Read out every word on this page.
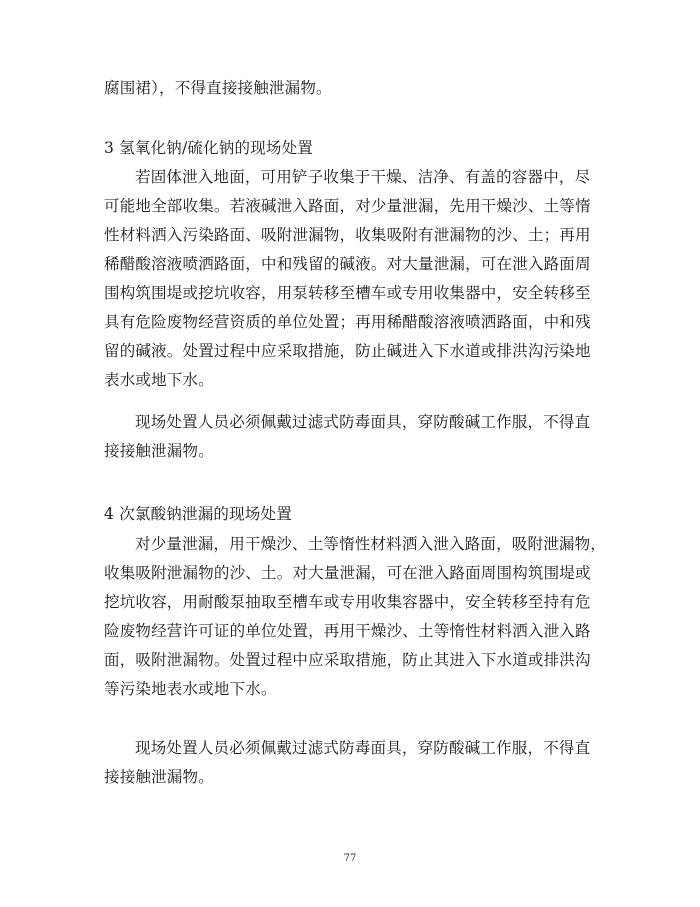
腐围裙），不得直接接触泄漏物。

3 氢氧化钠/硫化钠的现场处置

若固体泄入地面，可用铲子收集于干燥、洁净、有盖的容器中，尽
可能地全部收集。若液碱泄入路面，对少量泄漏，先用干燥沙、土等惰
性材料洒入污染路面、吸附泄漏物，收集吸附有泄漏物的沙、土；再用
稀醋酸溶液喷洒路面，中和残留的碱液。对大量泄漏，可在泄入路面周
围构筑围堤或挖坑收容，用泵转移至槽车或专用收集器中，安全转移至
具有危险废物经营资质的单位处置；再用稀醋酸溶液喷洒路面，中和残
留的碱液。处置过程中应采取措施，防止碱进入下水道或排洪沟污染地
表水或地下水。

现场处置人员必须佩戴过滤式防毒面具，穿防酸碱工作服，不得直
接接触泄漏物。

4 次氯酸钠泄漏的现场处置

对少量泄漏，用干燥沙、土等惰性材料洒入泄入路面，吸附泄漏物，
收集吸附泄漏物的沙、土。对大量泄漏，可在泄入路面周围构筑围堤或
挖坑收容，用耐酸泵抽取至槽车或专用收集容器中，安全转移至持有危
险废物经营许可证的单位处置，再用干燥沙、土等惰性材料洒入泄入路
面，吸附泄漏物。处置过程中应采取措施，防止其进入下水道或排洪沟
等污染地表水或地下水。

现场处置人员必须佩戴过滤式防毒面具，穿防酸碱工作服，不得直
接接触泄漏物。

77
